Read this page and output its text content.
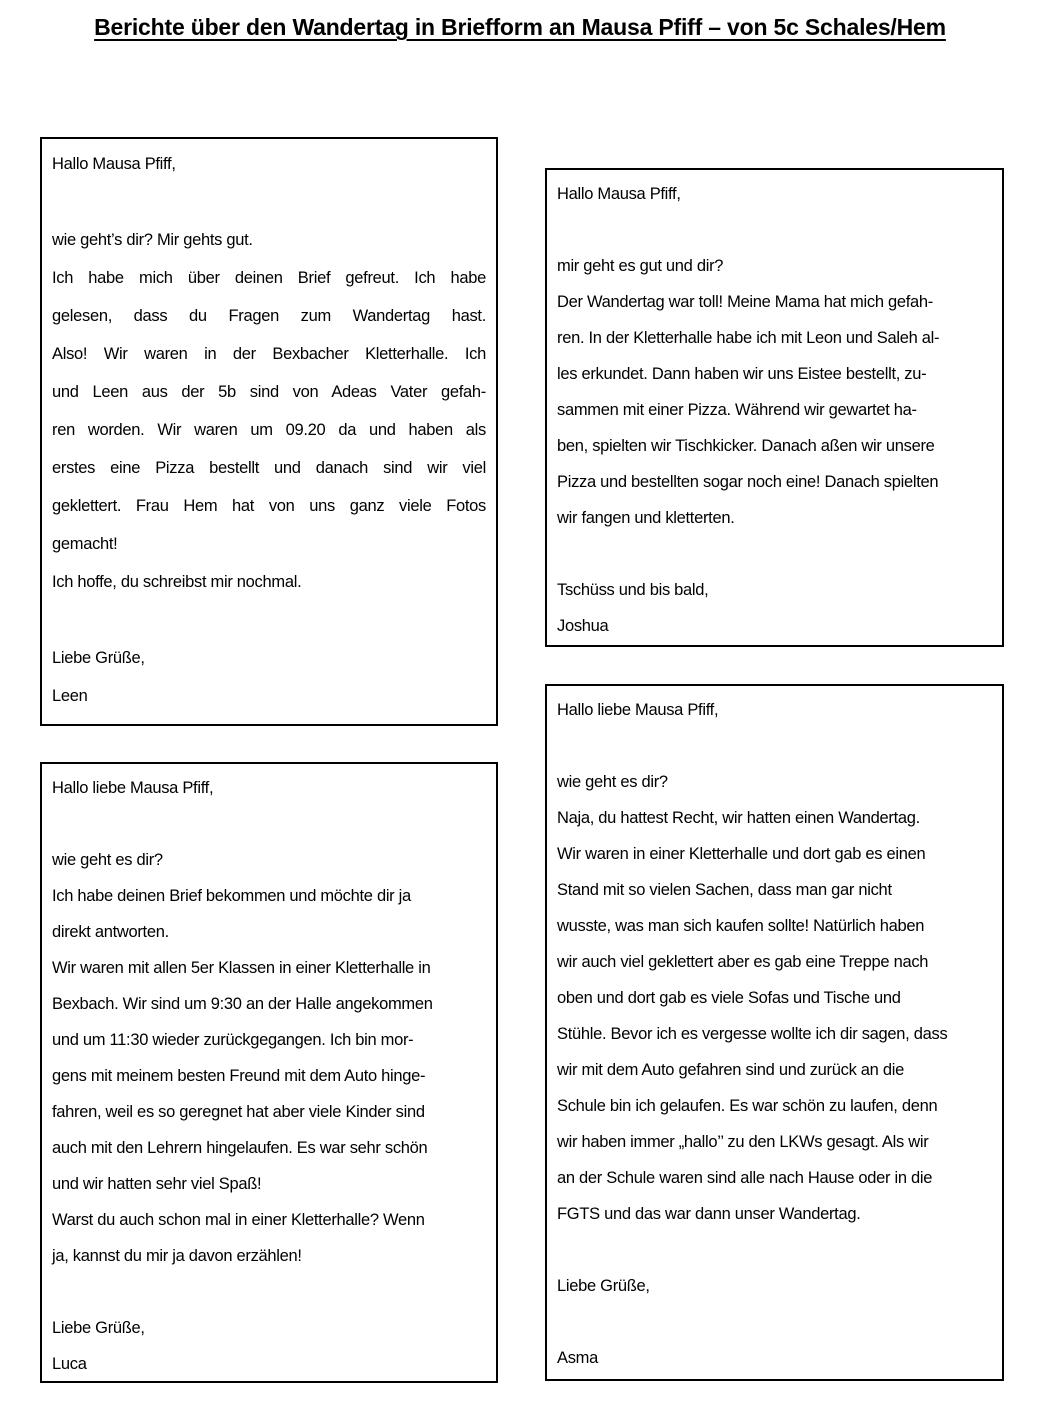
Berichte über den Wandertag in Briefform an Mausa Pfiff – von 5c Schales/Hem
Hallo Mausa Pfiff,

wie geht’s dir? Mir gehts gut.
Ich habe mich über deinen Brief gefreut. Ich habe
gelesen, dass du Fragen zum Wandertag hast.
Also! Wir waren in der Bexbacher Kletterhalle. Ich
und Leen aus der 5b sind von Adeas Vater gefah-
ren worden. Wir waren um 09.20 da und haben als
erstes eine Pizza bestellt und danach sind wir viel
geklettert. Frau Hem hat von uns ganz viele Fotos
gemacht!
Ich hoffe, du schreibst mir nochmal.

Liebe Grüße,
Leen
Hallo liebe Mausa Pfiff,

wie geht es dir?
Ich habe deinen Brief bekommen und möchte dir ja
direkt antworten.
Wir waren mit allen 5er Klassen in einer Kletterhalle in
Bexbach. Wir sind um 9:30 an der Halle angekommen
und um 11:30 wieder zurückgegangen. Ich bin mor-
gens mit meinem besten Freund mit dem Auto hinge-
fahren, weil es so geregnet hat aber viele Kinder sind
auch mit den Lehrern hingelaufen. Es war sehr schön
und wir hatten sehr viel Spaß!
Warst du auch schon mal in einer Kletterhalle? Wenn
ja, kannst du mir ja davon erzählen!

Liebe Grüße,
Luca
Hallo Mausa Pfiff,

mir geht es gut und dir?
Der Wandertag war toll! Meine Mama hat mich gefah-
ren. In der Kletterhalle habe ich mit Leon und Saleh al-
les erkundet. Dann haben wir uns Eistee bestellt, zu-
sammen mit einer Pizza. Während wir gewartet ha-
ben, spielten wir Tischkicker. Danach aßen wir unsere
Pizza und bestellten sogar noch eine! Danach spielten
wir fangen und kletterten.

Tschüss und bis bald,
Joshua
Hallo liebe Mausa Pfiff,

wie geht es dir?
Naja, du hattest Recht, wir hatten einen Wandertag.
Wir waren in einer Kletterhalle und dort gab es einen
Stand mit so vielen Sachen, dass man gar nicht
wusste, was man sich kaufen sollte! Natürlich haben
wir auch viel geklettert aber es gab eine Treppe nach
oben und dort gab es viele Sofas und Tische und
Stühle. Bevor ich es vergesse wollte ich dir sagen, dass
wir mit dem Auto gefahren sind und zurück an die
Schule bin ich gelaufen. Es war schön zu laufen, denn
wir haben immer „hallo’’ zu den LKWs gesagt. Als wir
an der Schule waren sind alle nach Hause oder in die
FGTS und das war dann unser Wandertag.

Liebe Grüße,

Asma
